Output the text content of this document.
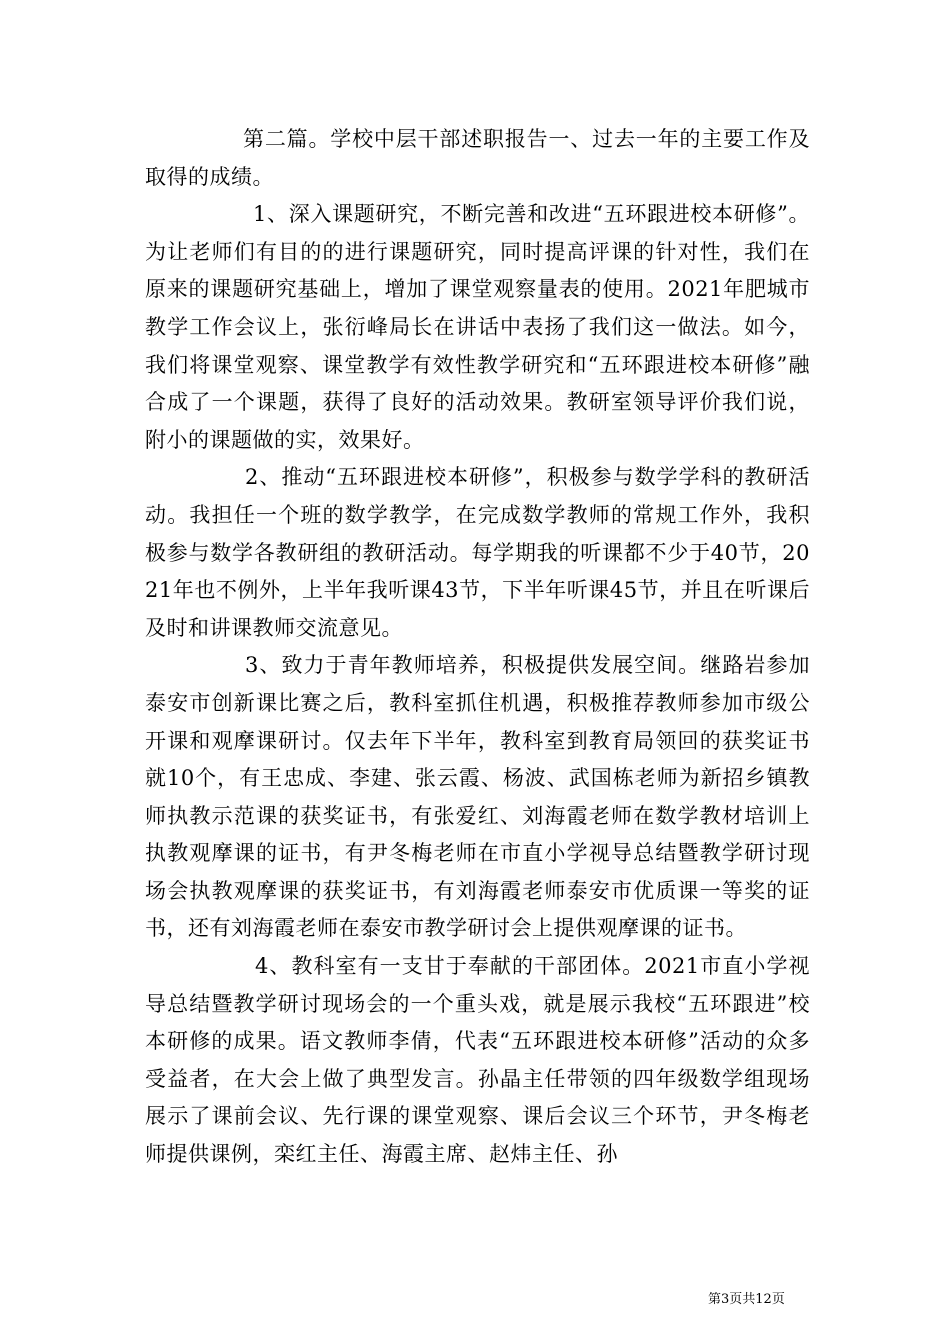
第二篇。学校中层干部述职报告一、过去一年的主要工作及取得的成绩。

1、深入课题研究，不断完善和改进“五环跟进校本研修”。为让老师们有目的的进行课题研究，同时提高评课的针对性，我们在原来的课题研究基础上，增加了课堂观察量表的使用。2021年肥城市教学工作会议上，张衍峰局长在讲话中表扬了我们这一做法。如今，我们将课堂观察、课堂教学有效性教学研究和“五环跟进校本研修”融合成了一个课题，获得了良好的活动效果。教研室领导评价我们说，附小的课题做的实，效果好。

2、推动“五环跟进校本研修”，积极参与数学学科的教研活动。我担任一个班的数学教学，在完成数学教师的常规工作外，我积极参与数学各教研组的教研活动。每学期我的听课都不少于40节，2021年也不例外，上半年我听课43节，下半年听课45节，并且在听课后及时和讲课教师交流意见。

3、致力于青年教师培养，积极提供发展空间。继路岩参加泰安市创新课比赛之后，教科室抓住机遇，积极推荐教师参加市级公开课和观摩课研讨。仅去年下半年，教科室到教育局领回的获奖证书就10个，有王忠成、李建、张云霞、杨波、武国栋老师为新招乡镇教师执教示范课的获奖证书，有张爱红、刘海霞老师在数学教材培训上执教观摩课的证书，有尹冬梅老师在市直小学视导总结暨教学研讨现场会执教观摩课的获奖证书，有刘海霞老师泰安市优质课一等奖的证书，还有刘海霞老师在泰安市教学研讨会上提供观摩课的证书。

4、教科室有一支甘于奉献的干部团体。2021市直小学视导总结暨教学研讨现场会的一个重头戏，就是展示我校“五环跟进”校本研修的成果。语文教师李倩，代表“五环跟进校本研修”活动的众多受益者，在大会上做了典型发言。孙晶主任带领的四年级数学组现场展示了课前会议、先行课的课堂观察、课后会议三个环节，尹冬梅老师提供课例，栾红主任、海霞主席、赵炜主任、孙

第3页共12页
